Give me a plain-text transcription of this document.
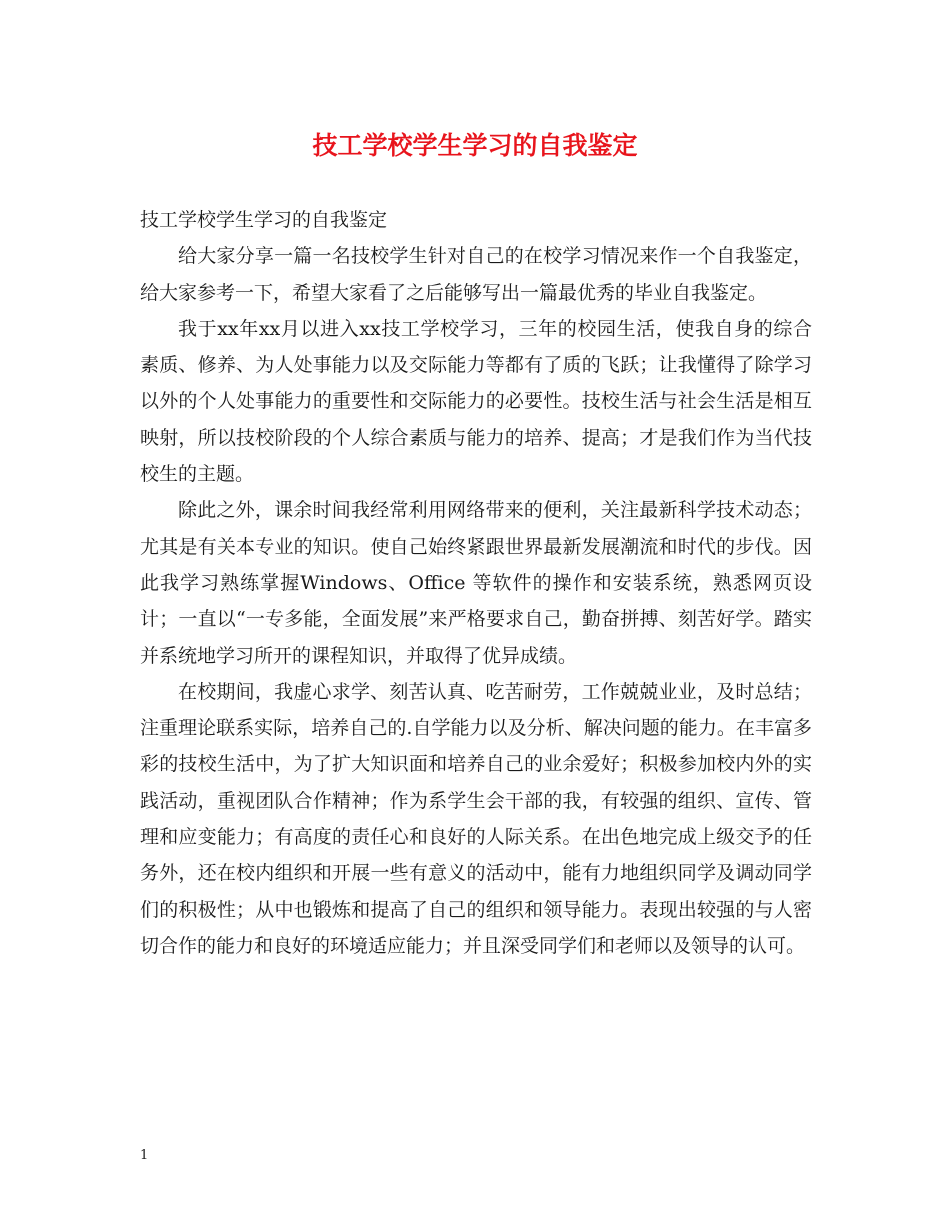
技工学校学生学习的自我鉴定

技工学校学生学习的自我鉴定

给大家分享一篇一名技校学生针对自己的在校学习情况来作一个自我鉴定，给大家参考一下，希望大家看了之后能够写出一篇最优秀的毕业自我鉴定。

我于xx年xx月以进入xx技工学校学习，三年的校园生活，使我自身的综合素质、修养、为人处事能力以及交际能力等都有了质的飞跃；让我懂得了除学习以外的个人处事能力的重要性和交际能力的必要性。技校生活与社会生活是相互映射，所以技校阶段的个人综合素质与能力的培养、提高；才是我们作为当代技校生的主题。

除此之外，课余时间我经常利用网络带来的便利，关注最新科学技术动态；尤其是有关本专业的知识。使自己始终紧跟世界最新发展潮流和时代的步伐。因此我学习熟练掌握Windows、Office 等软件的操作和安装系统，熟悉网页设计；一直以“一专多能，全面发展”来严格要求自己，勤奋拼搏、刻苦好学。踏实并系统地学习所开的课程知识，并取得了优异成绩。

在校期间，我虚心求学、刻苦认真、吃苦耐劳，工作兢兢业业，及时总结；注重理论联系实际，培养自己的.自学能力以及分析、解决问题的能力。在丰富多彩的技校生活中，为了扩大知识面和培养自己的业余爱好；积极参加校内外的实践活动，重视团队合作精神；作为系学生会干部的我，有较强的组织、宣传、管理和应变能力；有高度的责任心和良好的人际关系。在出色地完成上级交予的任务外，还在校内组织和开展一些有意义的活动中，能有力地组织同学及调动同学们的积极性；从中也锻炼和提高了自己的组织和领导能力。表现出较强的与人密切合作的能力和良好的环境适应能力；并且深受同学们和老师以及领导的认可。

1
